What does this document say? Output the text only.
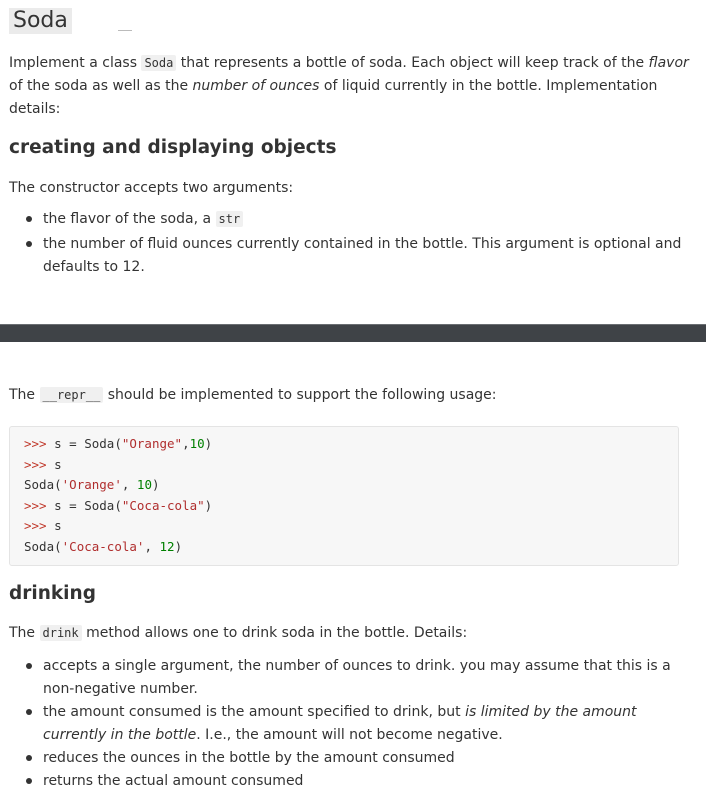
Soda

Implement a class Soda that represents a bottle of soda. Each object will keep track of the flavor of the soda as well as the number of ounces of liquid currently in the bottle. Implementation details:

creating and displaying objects

The constructor accepts two arguments:

the flavor of the soda, a str
the number of fluid ounces currently contained in the bottle. This argument is optional and defaults to 12.

The __repr__ should be implemented to support the following usage:

>>> s = Soda("Orange",10)
>>> s
Soda('Orange', 10)
>>> s = Soda("Coca-cola")
>>> s
Soda('Coca-cola', 12)
drinking

The drink method allows one to drink soda in the bottle. Details:

accepts a single argument, the number of ounces to drink. you may assume that this is a non-negative number.
the amount consumed is the amount specified to drink, but is limited by the amount currently in the bottle. I.e., the amount will not become negative.
reduces the ounces in the bottle by the amount consumed
returns the actual amount consumed
